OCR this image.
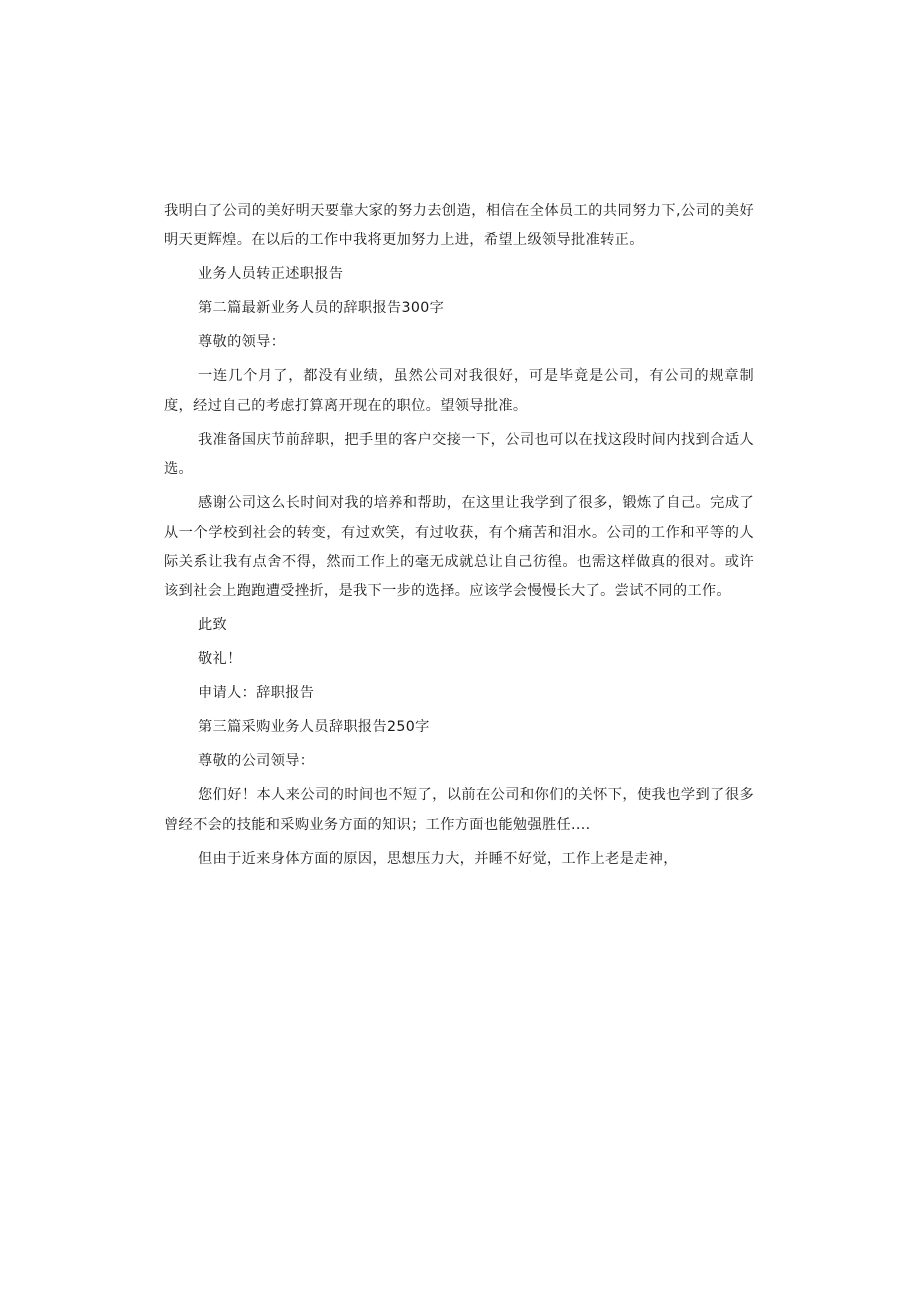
我明白了公司的美好明天要靠大家的努力去创造，相信在全体员工的共同努力下,公司的美好明天更辉煌。在以后的工作中我将更加努力上进，希望上级领导批准转正。

业务人员转正述职报告

第二篇最新业务人员的辞职报告300字

尊敬的领导：

一连几个月了，都没有业绩，虽然公司对我很好，可是毕竟是公司，有公司的规章制度，经过自己的考虑打算离开现在的职位。望领导批准。

我准备国庆节前辞职，把手里的客户交接一下，公司也可以在找这段时间内找到合适人选。

感谢公司这么长时间对我的培养和帮助，在这里让我学到了很多，锻炼了自己。完成了从一个学校到社会的转变，有过欢笑，有过收获，有个痛苦和泪水。公司的工作和平等的人际关系让我有点舍不得，然而工作上的毫无成就总让自己彷徨。也需这样做真的很对。或许该到社会上跑跑遭受挫折，是我下一步的选择。应该学会慢慢长大了。尝试不同的工作。

此致

敬礼！

申请人：辞职报告

第三篇采购业务人员辞职报告250字

尊敬的公司领导：

您们好！本人来公司的时间也不短了，以前在公司和你们的关怀下，使我也学到了很多曾经不会的技能和采购业务方面的知识；工作方面也能勉强胜任....

但由于近来身体方面的原因，思想压力大，并睡不好觉，工作上老是走神，
